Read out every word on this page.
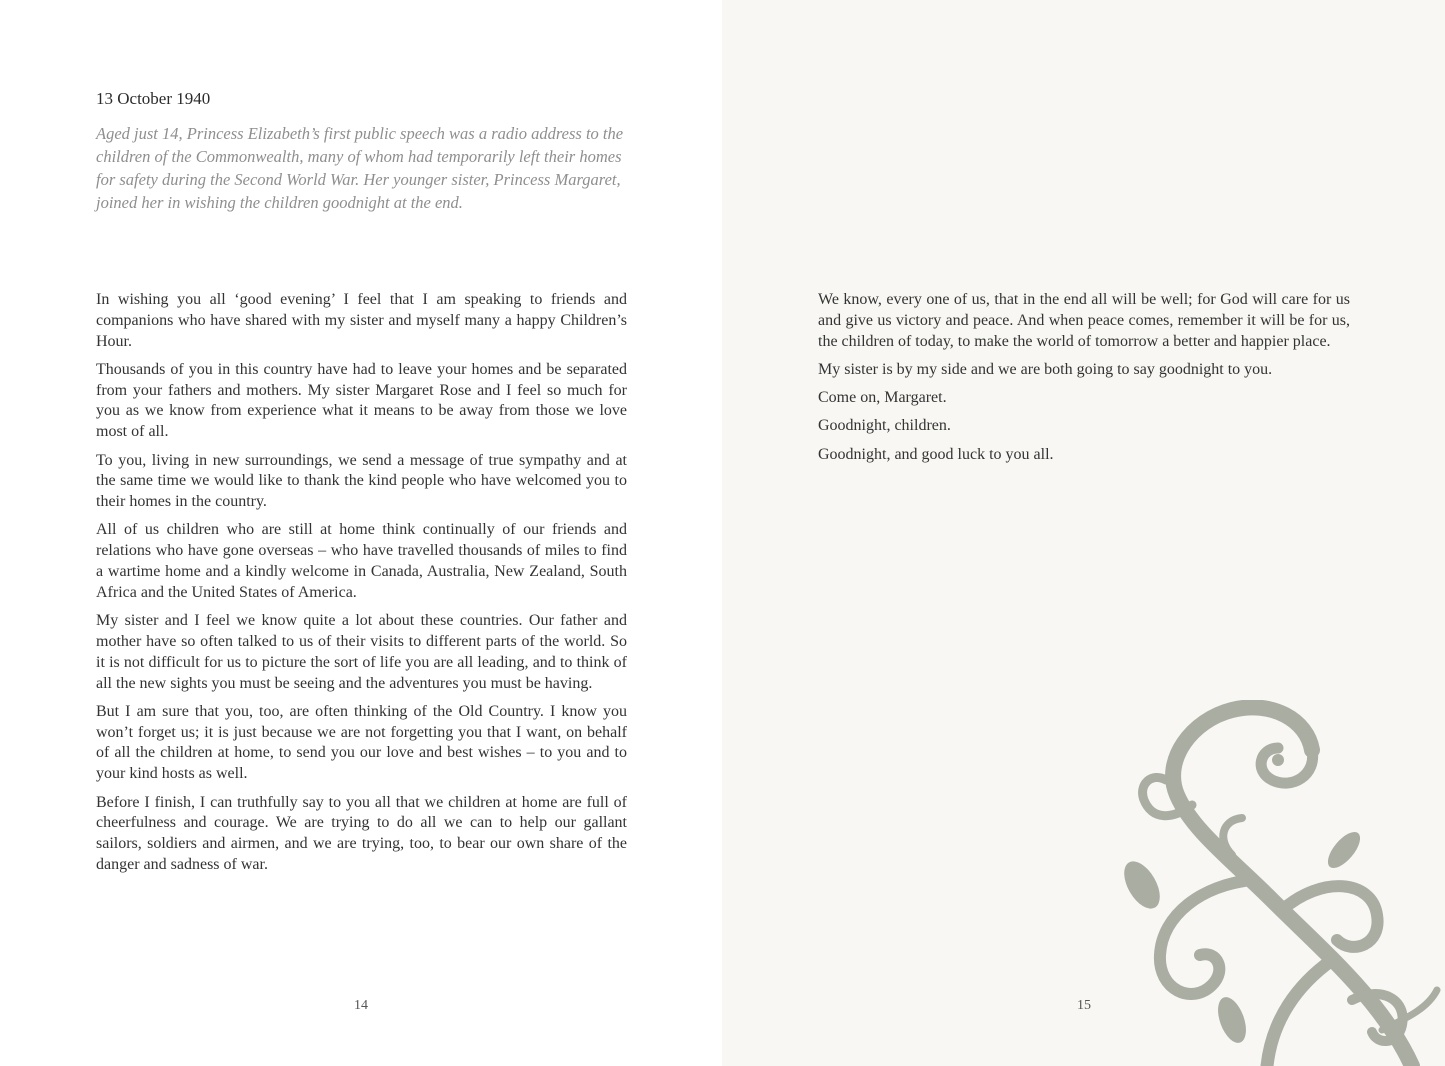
13 October 1940

Aged just 14, Princess Elizabeth’s first public speech was a radio address to the children of the Commonwealth, many of whom had temporarily left their homes for safety during the Second World War. Her younger sister, Princess Margaret, joined her in wishing the children goodnight at the end.

In wishing you all ‘good evening’ I feel that I am speaking to friends and companions who have shared with my sister and myself many a happy Children’s Hour.

Thousands of you in this country have had to leave your homes and be separated from your fathers and mothers. My sister Margaret Rose and I feel so much for you as we know from experience what it means to be away from those we love most of all.

To you, living in new surroundings, we send a message of true sympathy and at the same time we would like to thank the kind people who have welcomed you to their homes in the country.

All of us children who are still at home think continually of our friends and relations who have gone overseas – who have travelled thousands of miles to find a wartime home and a kindly welcome in Canada, Australia, New Zealand, South Africa and the United States of America.

My sister and I feel we know quite a lot about these countries. Our father and mother have so often talked to us of their visits to different parts of the world. So it is not difficult for us to picture the sort of life you are all leading, and to think of all the new sights you must be seeing and the adventures you must be having.

But I am sure that you, too, are often thinking of the Old Country. I know you won’t forget us; it is just because we are not forgetting you that I want, on behalf of all the children at home, to send you our love and best wishes – to you and to your kind hosts as well.

Before I finish, I can truthfully say to you all that we children at home are full of cheerfulness and courage. We are trying to do all we can to help our gallant sailors, soldiers and airmen, and we are trying, too, to bear our own share of the danger and sadness of war.

14

We know, every one of us, that in the end all will be well; for God will care for us and give us victory and peace. And when peace comes, remember it will be for us, the children of today, to make the world of tomorrow a better and happier place.

My sister is by my side and we are both going to say goodnight to you.

Come on, Margaret.

Goodnight, children.

Goodnight, and good luck to you all.

15
